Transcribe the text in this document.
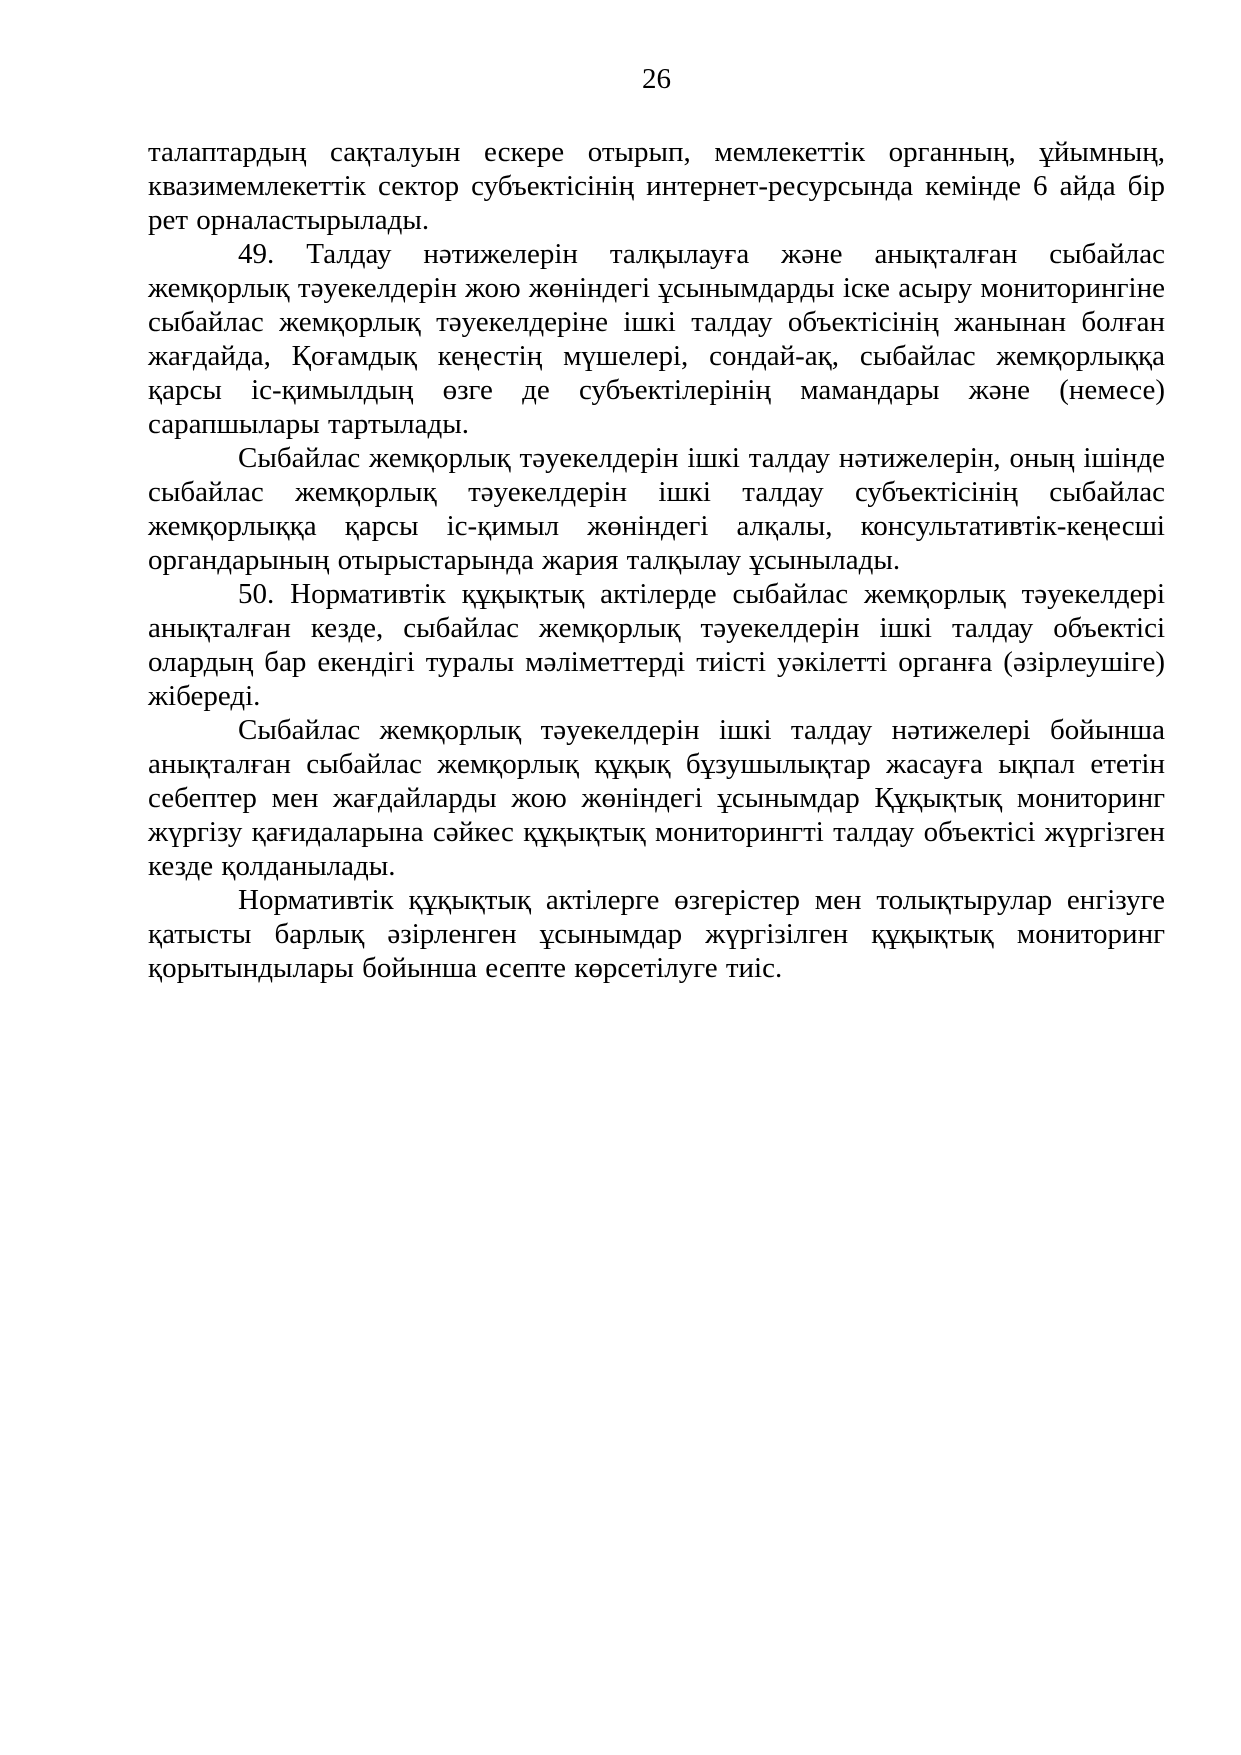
26

талаптардың сақталуын ескере отырып, мемлекеттік органның, ұйымның, квазимемлекеттік сектор субъектісінің интернет-ресурсында кемінде 6 айда бір рет орналастырылады.

49. Талдау нәтижелерін талқылауға және анықталған сыбайлас жемқорлық тәуекелдерін жою жөніндегі ұсынымдарды іске асыру мониторингіне сыбайлас жемқорлық тәуекелдеріне ішкі талдау объектісінің жанынан болған жағдайда, Қоғамдық кеңестің мүшелері, сондай-ақ, сыбайлас жемқорлыққа қарсы іс-қимылдың өзге де субъектілерінің мамандары және (немесе) сарапшылары тартылады.

Сыбайлас жемқорлық тәуекелдерін ішкі талдау нәтижелерін, оның ішінде сыбайлас жемқорлық тәуекелдерін ішкі талдау субъектісінің сыбайлас жемқорлыққа қарсы іс-қимыл жөніндегі алқалы, консультативтік-кеңесші органдарының отырыстарында жария талқылау ұсынылады.

50. Нормативтік құқықтық актілерде сыбайлас жемқорлық тәуекелдері анықталған кезде, сыбайлас жемқорлық тәуекелдерін ішкі талдау объектісі олардың бар екендігі туралы мәліметтерді тиісті уәкілетті органға (әзірлеушіге) жібереді.

Сыбайлас жемқорлық тәуекелдерін ішкі талдау нәтижелері бойынша анықталған сыбайлас жемқорлық құқық бұзушылықтар жасауға ықпал ететін себептер мен жағдайларды жою жөніндегі ұсынымдар Құқықтық мониторинг жүргізу қағидаларына сәйкес құқықтық мониторингті талдау объектісі жүргізген кезде қолданылады.

Нормативтік құқықтық актілерге өзгерістер мен толықтырулар енгізуге қатысты барлық әзірленген ұсынымдар жүргізілген құқықтық мониторинг қорытындылары бойынша есепте көрсетілуге тиіс.
